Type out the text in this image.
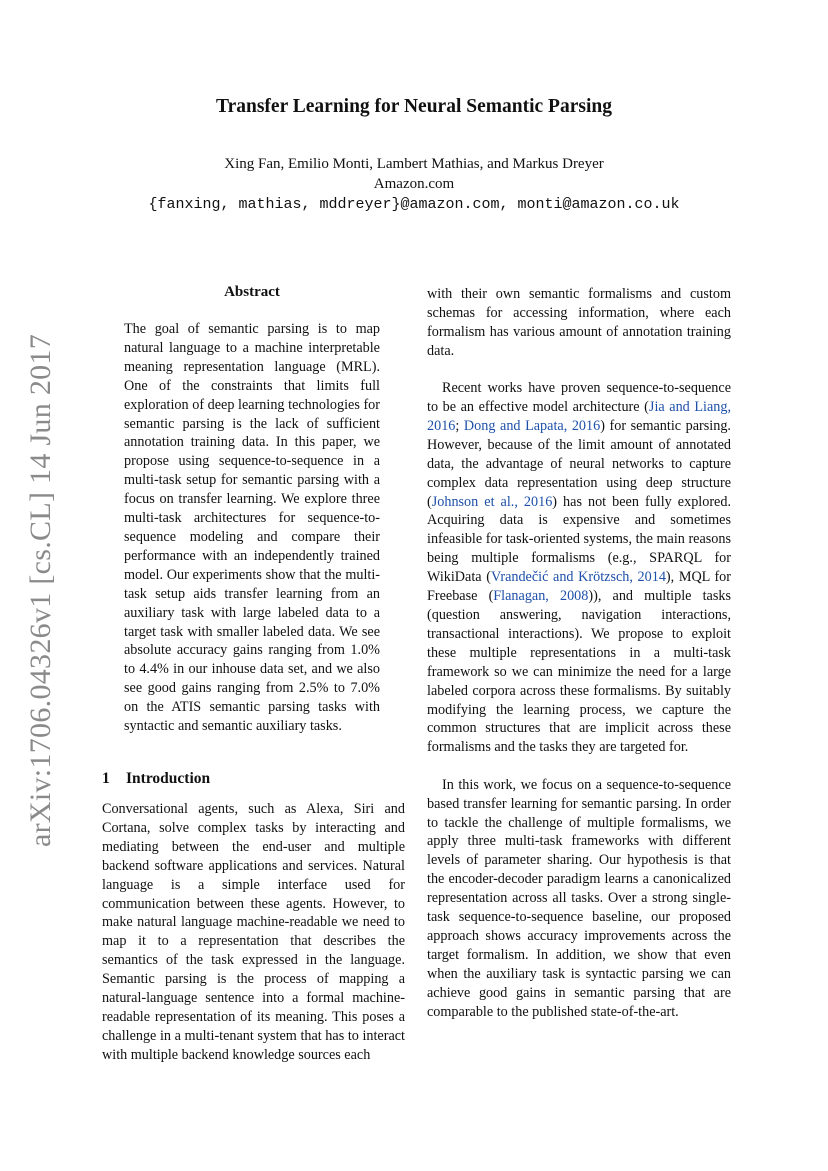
Transfer Learning for Neural Semantic Parsing
Xing Fan, Emilio Monti, Lambert Mathias, and Markus Dreyer
Amazon.com
{fanxing, mathias, mddreyer}@amazon.com, monti@amazon.co.uk
arXiv:1706.04326v1 [cs.CL] 14 Jun 2017
Abstract
The goal of semantic parsing is to map natural language to a machine interpretable meaning representation language (MRL). One of the constraints that limits full exploration of deep learning technologies for semantic parsing is the lack of sufficient annotation training data. In this paper, we propose using sequence-to-sequence in a multi-task setup for semantic parsing with a focus on transfer learning. We explore three multi-task architectures for sequence-to-sequence modeling and compare their performance with an independently trained model. Our experiments show that the multi-task setup aids transfer learning from an auxiliary task with large labeled data to a target task with smaller labeled data. We see absolute accuracy gains ranging from 1.0% to 4.4% in our inhouse data set, and we also see good gains ranging from 2.5% to 7.0% on the ATIS semantic parsing tasks with syntactic and semantic auxiliary tasks.
1 Introduction
Conversational agents, such as Alexa, Siri and Cortana, solve complex tasks by interacting and mediating between the end-user and multiple backend software applications and services. Natural language is a simple interface used for communication between these agents. However, to make natural language machine-readable we need to map it to a representation that describes the semantics of the task expressed in the language. Semantic parsing is the process of mapping a natural-language sentence into a formal machine-readable representation of its meaning. This poses a challenge in a multi-tenant system that has to interact with multiple backend knowledge sources each

with their own semantic formalisms and custom schemas for accessing information, where each formalism has various amount of annotation training data.

Recent works have proven sequence-to-sequence to be an effective model architecture (Jia and Liang, 2016; Dong and Lapata, 2016) for semantic parsing. However, because of the limit amount of annotated data, the advantage of neural networks to capture complex data representation using deep structure (Johnson et al., 2016) has not been fully explored. Acquiring data is expensive and sometimes infeasible for task-oriented systems, the main reasons being multiple formalisms (e.g., SPARQL for WikiData (Vrandečić and Krötzsch, 2014), MQL for Freebase (Flanagan, 2008)), and multiple tasks (question answering, navigation interactions, transactional interactions). We propose to exploit these multiple representations in a multi-task framework so we can minimize the need for a large labeled corpora across these formalisms. By suitably modifying the learning process, we capture the common structures that are implicit across these formalisms and the tasks they are targeted for.

In this work, we focus on a sequence-to-sequence based transfer learning for semantic parsing. In order to tackle the challenge of multiple formalisms, we apply three multi-task frameworks with different levels of parameter sharing. Our hypothesis is that the encoder-decoder paradigm learns a canonicalized representation across all tasks. Over a strong single-task sequence-to-sequence baseline, our proposed approach shows accuracy improvements across the target formalism. In addition, we show that even when the auxiliary task is syntactic parsing we can achieve good gains in semantic parsing that are comparable to the published state-of-the-art.
